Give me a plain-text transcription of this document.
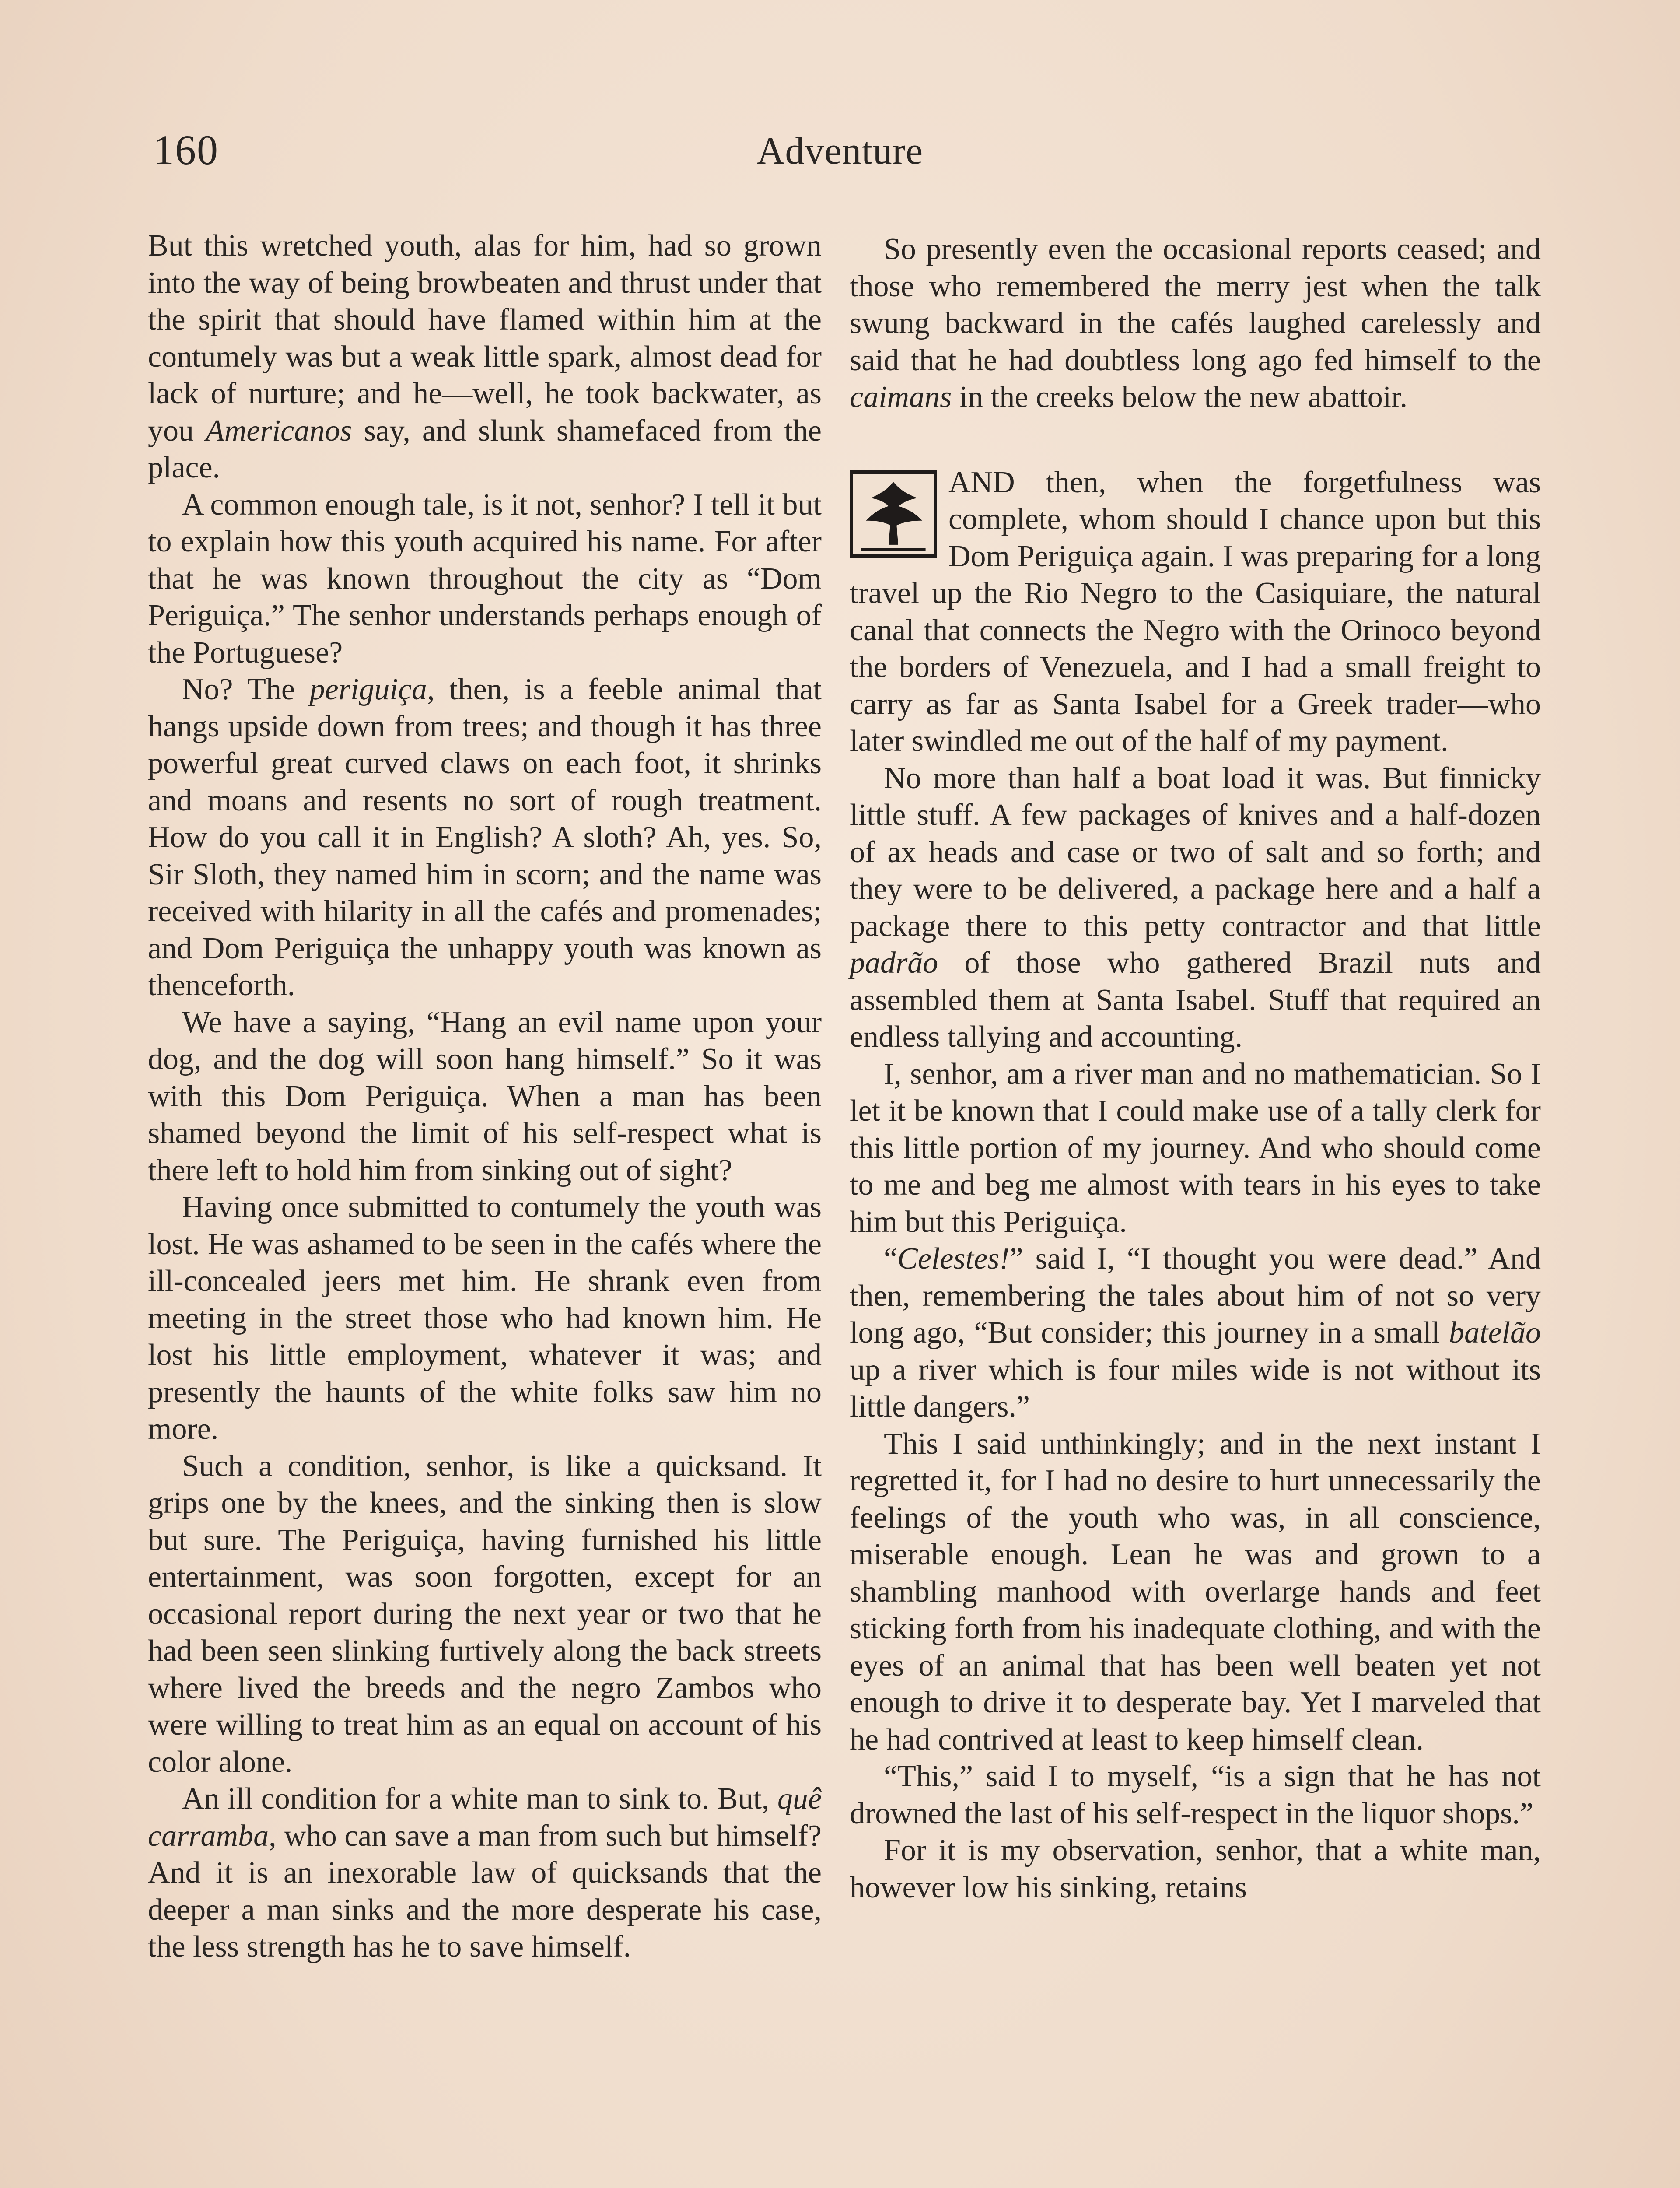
160	Adventure

But this wretched youth, alas for him, had so grown into the way of being browbeaten and thrust under that the spirit that should have flamed within him at the contumely was but a weak little spark, almost dead for lack of nurture; and he—well, he took backwater, as you Americanos say, and slunk shamefaced from the place.

A common enough tale, is it not, senhor? I tell it but to explain how this youth acquired his name. For after that he was known throughout the city as “Dom Periguiça.” The senhor understands perhaps enough of the Portuguese?

No? The periguiça, then, is a feeble animal that hangs upside down from trees; and though it has three powerful great curved claws on each foot, it shrinks and moans and resents no sort of rough treatment. How do you call it in English? A sloth? Ah, yes. So, Sir Sloth, they named him in scorn; and the name was received with hilarity in all the cafés and promenades; and Dom Periguiça the unhappy youth was known as thenceforth.

We have a saying, “Hang an evil name upon your dog, and the dog will soon hang himself.” So it was with this Dom Periguiça. When a man has been shamed beyond the limit of his self-respect what is there left to hold him from sinking out of sight?

Having once submitted to contumely the youth was lost. He was ashamed to be seen in the cafés where the ill-concealed jeers met him. He shrank even from meeting in the street those who had known him. He lost his little employment, whatever it was; and presently the haunts of the white folks saw him no more.

Such a condition, senhor, is like a quicksand. It grips one by the knees, and the sinking then is slow but sure. The Periguiça, having furnished his little entertainment, was soon forgotten, except for an occasional report during the next year or two that he had been seen slinking furtively along the back streets where lived the breeds and the negro Zambos who were willing to treat him as an equal on account of his color alone.

An ill condition for a white man to sink to. But, quê carramba, who can save a man from such but himself? And it is an inexorable law of quicksands that the deeper a man sinks and the more desperate his case, the less strength has he to save himself.

So presently even the occasional reports ceased; and those who remembered the merry jest when the talk swung backward in the cafés laughed carelessly and said that he had doubtless long ago fed himself to the caimans in the creeks below the new abattoir.

AND then, when the forgetfulness was complete, whom should I chance upon but this Dom Periguiça again. I was preparing for a long travel up the Rio Negro to the Casiquiare, the natural canal that connects the Negro with the Orinoco beyond the borders of Venezuela, and I had a small freight to carry as far as Santa Isabel for a Greek trader—who later swindled me out of the half of my payment.

No more than half a boat load it was. But finnicky little stuff. A few packages of knives and a half-dozen of ax heads and case or two of salt and so forth; and they were to be delivered, a package here and a half a package there to this petty contractor and that little padrão of those who gathered Brazil nuts and assembled them at Santa Isabel. Stuff that required an endless tallying and accounting.

I, senhor, am a river man and no mathematician. So I let it be known that I could make use of a tally clerk for this little portion of my journey. And who should come to me and beg me almost with tears in his eyes to take him but this Periguiça.

“Celestes!” said I, “I thought you were dead.” And then, remembering the tales about him of not so very long ago, “But consider; this journey in a small batelão up a river which is four miles wide is not without its little dangers.”

This I said unthinkingly; and in the next instant I regretted it, for I had no desire to hurt unnecessarily the feelings of the youth who was, in all conscience, miserable enough. Lean he was and grown to a shambling manhood with overlarge hands and feet sticking forth from his inadequate clothing, and with the eyes of an animal that has been well beaten yet not enough to drive it to desperate bay. Yet I marveled that he had contrived at least to keep himself clean.

“This,” said I to myself, “is a sign that he has not drowned the last of his self-respect in the liquor shops.”

For it is my observation, senhor, that a white man, however low his sinking, retains
